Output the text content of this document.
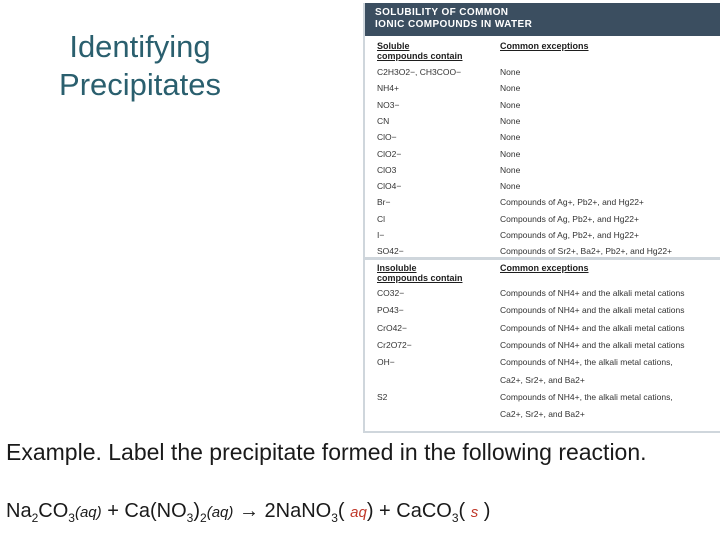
Identifying
Precipitates
SOLUBILITY OF COMMON
IONIC COMPOUNDS IN WATER
Soluble
compounds contain
Common exceptions
C2H3O2−, CH3COO−	None
NH4+	None
NO3−	None
CN	None
ClO−	None
ClO2−	None
ClO3	None
ClO4−	None
Br−	Compounds of Ag+, Pb2+, and Hg22+
Cl	Compounds of Ag, Pb2+, and Hg22+
I−	Compounds of Ag, Pb2+, and Hg22+
SO42−	Compounds of Sr2+, Ba2+, Pb2+, and Hg22+
Insoluble
compounds contain
Common exceptions
CO32−	Compounds of NH4+ and the alkali metal cations
PO43−	Compounds of NH4+ and the alkali metal cations
CrO42−	Compounds of NH4+ and the alkali metal cations
Cr2O72−	Compounds of NH4+ and the alkali metal cations
OH−	Compounds of NH4+, the alkali metal cations,
Ca2+, Sr2+, and Ba2+
S2	Compounds of NH4+, the alkali metal cations,
Ca2+, Sr2+, and Ba2+
Example. Label the precipitate formed in the following reaction.
$Na_2CO_3(aq) + Ca(NO_3)_2(aq)$ → 2NaNO$_3$( aq) + CaCO$_3$( s )
